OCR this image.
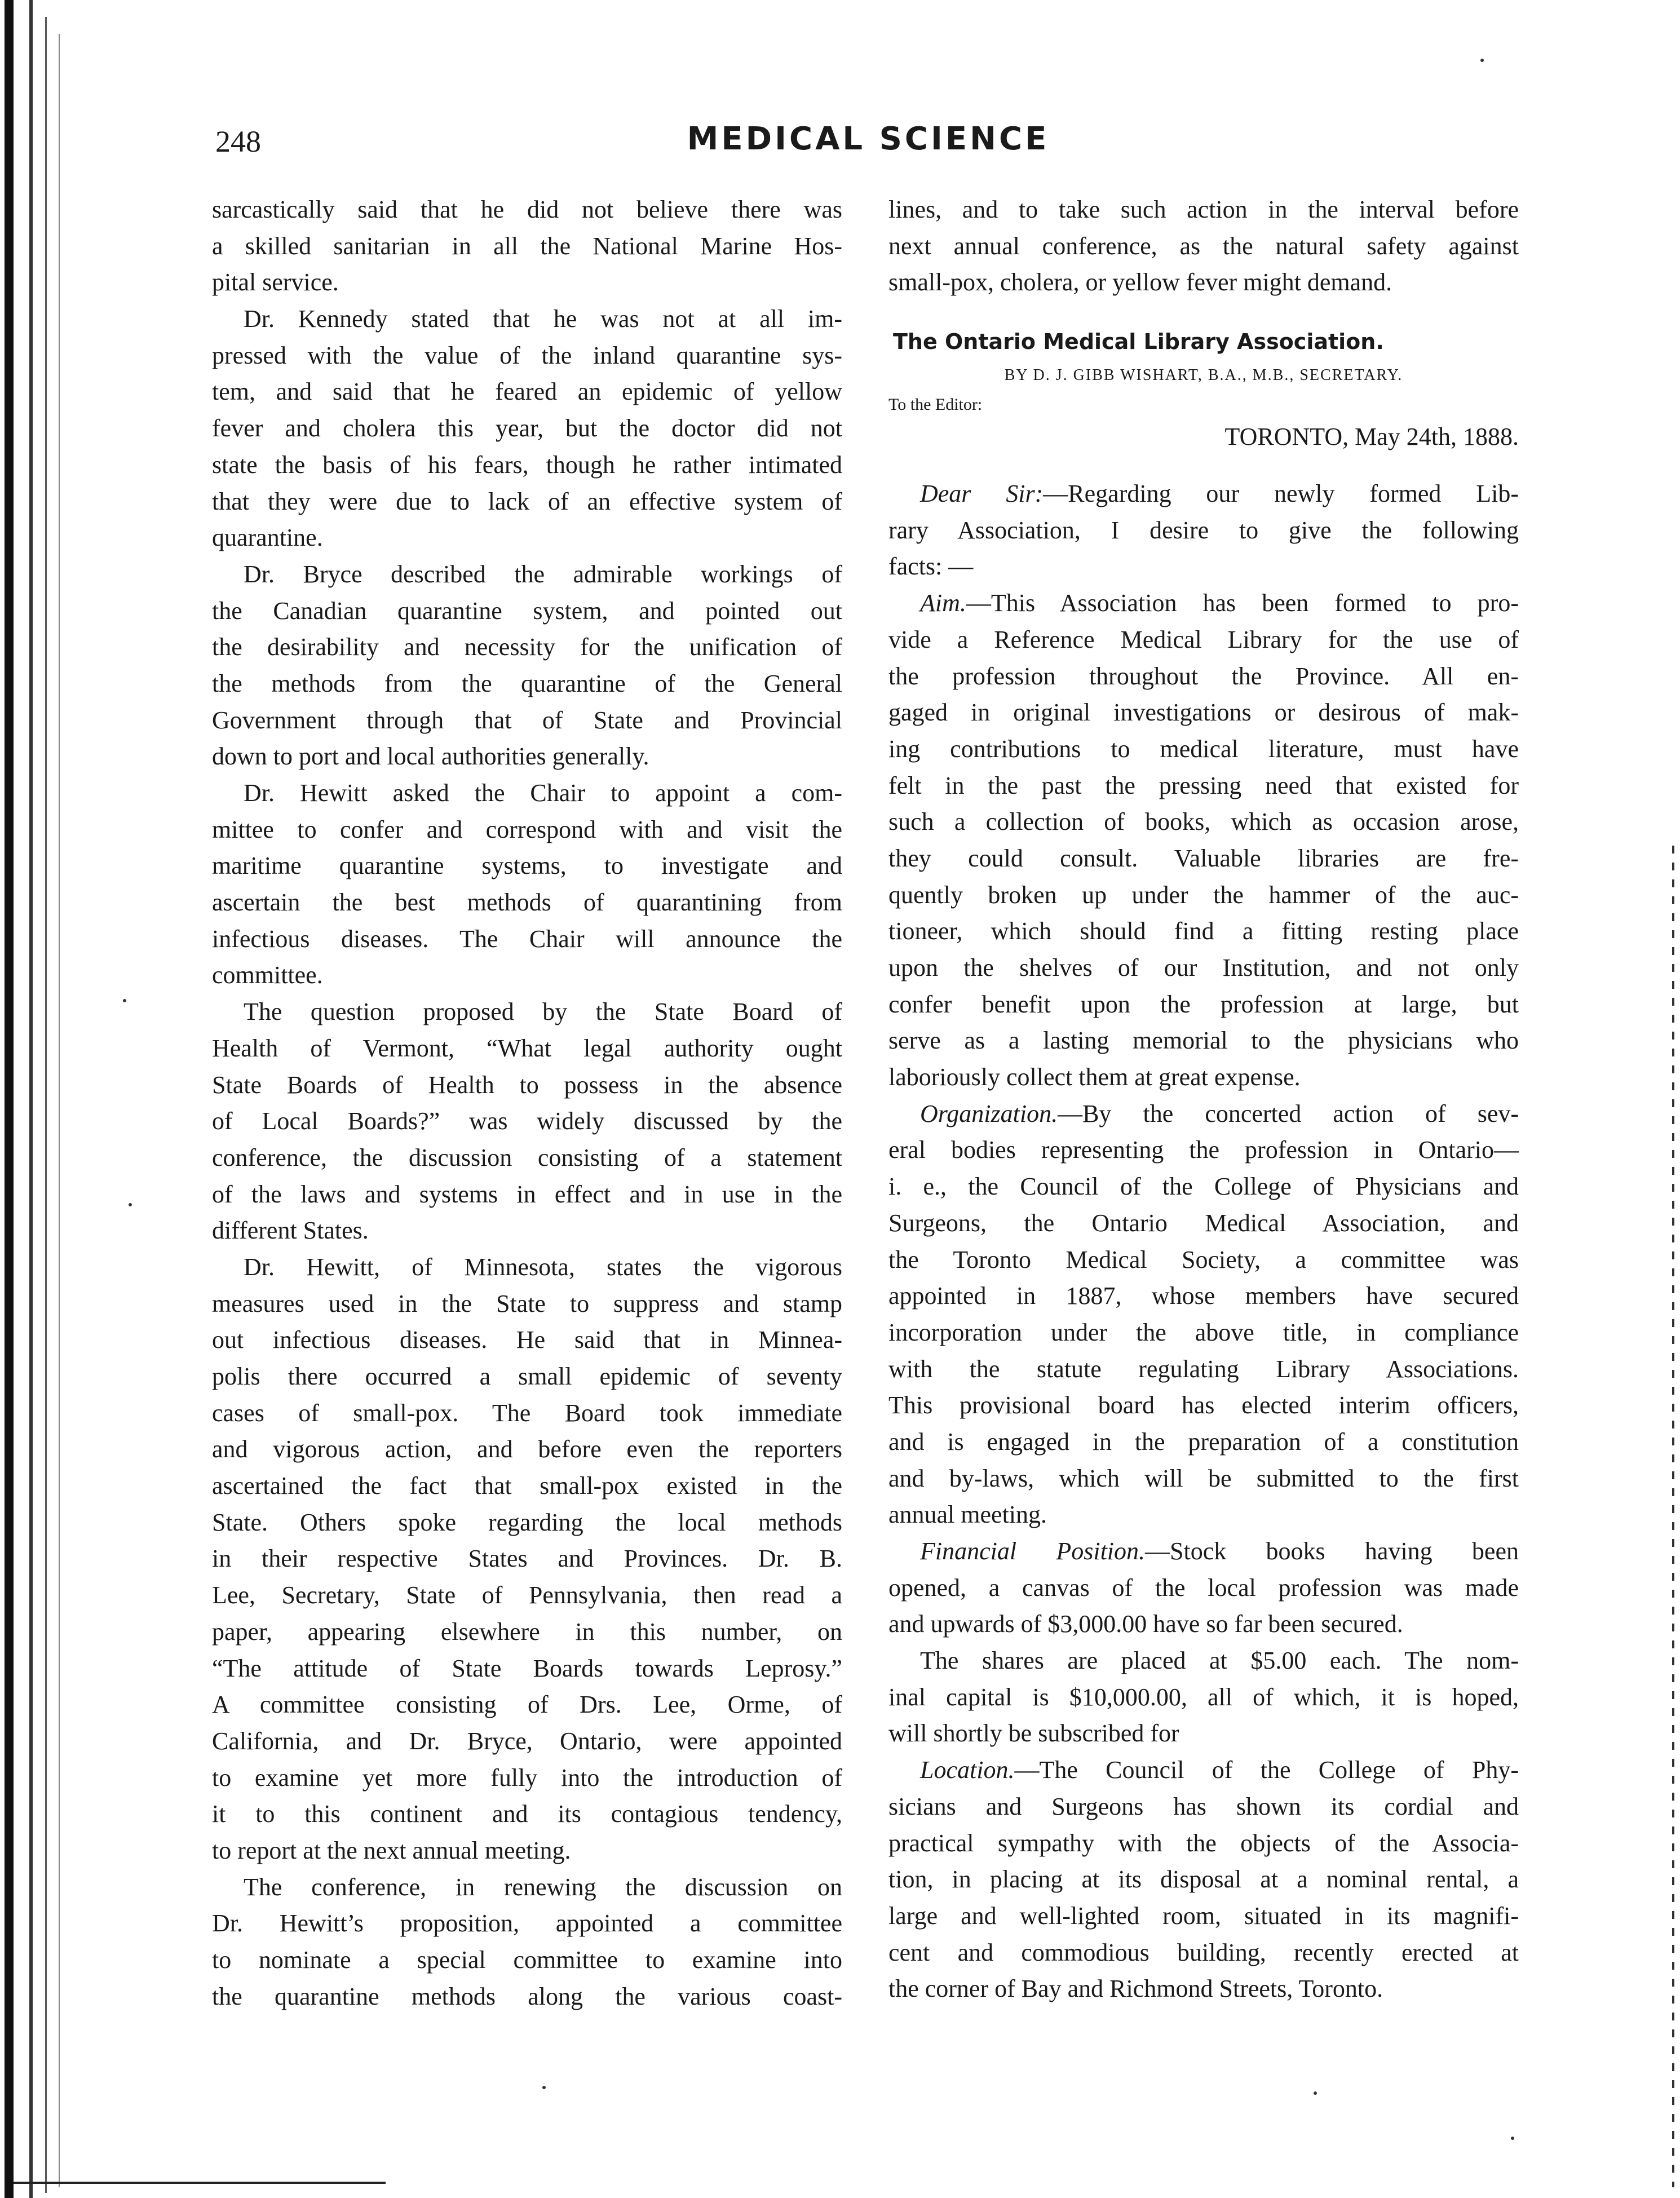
248	MEDICAL SCIENCE
sarcastically said that he did not believe there was
a skilled sanitarian in all the National Marine Hos-
pital service.
Dr. Kennedy stated that he was not at all im-
pressed with the value of the inland quarantine sys-
tem, and said that he feared an epidemic of yellow
fever and cholera this year, but the doctor did not
state the basis of his fears, though he rather intimated
that they were due to lack of an effective system of
quarantine.
Dr. Bryce described the admirable workings of
the Canadian quarantine system, and pointed out
the desirability and necessity for the unification of
the methods from the quarantine of the General
Government through that of State and Provincial
down to port and local authorities generally.
Dr. Hewitt asked the Chair to appoint a com-
mittee to confer and correspond with and visit the
maritime quarantine systems, to investigate and
ascertain the best methods of quarantining from
infectious diseases. The Chair will announce the
committee.
The question proposed by the State Board of
Health of Vermont, “What legal authority ought
State Boards of Health to possess in the absence
of Local Boards?” was widely discussed by the
conference, the discussion consisting of a statement
of the laws and systems in effect and in use in the
different States.
Dr. Hewitt, of Minnesota, states the vigorous
measures used in the State to suppress and stamp
out infectious diseases. He said that in Minnea-
polis there occurred a small epidemic of seventy
cases of small-pox. The Board took immediate
and vigorous action, and before even the reporters
ascertained the fact that small-pox existed in the
State. Others spoke regarding the local methods
in their respective States and Provinces. Dr. B.
Lee, Secretary, State of Pennsylvania, then read a
paper, appearing elsewhere in this number, on
“The attitude of State Boards towards Leprosy.”
A committee consisting of Drs. Lee, Orme, of
California, and Dr. Bryce, Ontario, were appointed
to examine yet more fully into the introduction of
it to this continent and its contagious tendency,
to report at the next annual meeting.
The conference, in renewing the discussion on
Dr. Hewitt’s proposition, appointed a committee
to nominate a special committee to examine into
the quarantine methods along the various coast-
lines, and to take such action in the interval before
next annual conference, as the natural safety against
small-pox, cholera, or yellow fever might demand.
The Ontario Medical Library Association.
BY D. J. GIBB WISHART, B.A., M.B., SECRETARY.
To the Editor:
TORONTO, May 24th, 1888.
Dear Sir:—Regarding our newly formed Lib-
rary Association, I desire to give the following
facts: —
Aim.—This Association has been formed to pro-
vide a Reference Medical Library for the use of
the profession throughout the Province. All en-
gaged in original investigations or desirous of mak-
ing contributions to medical literature, must have
felt in the past the pressing need that existed for
such a collection of books, which as occasion arose,
they could consult. Valuable libraries are fre-
quently broken up under the hammer of the auc-
tioneer, which should find a fitting resting place
upon the shelves of our Institution, and not only
confer benefit upon the profession at large, but
serve as a lasting memorial to the physicians who
laboriously collect them at great expense.
Organization.—By the concerted action of sev-
eral bodies representing the profession in Ontario—
i. e., the Council of the College of Physicians and
Surgeons, the Ontario Medical Association, and
the Toronto Medical Society, a committee was
appointed in 1887, whose members have secured
incorporation under the above title, in compliance
with the statute regulating Library Associations.
This provisional board has elected interim officers,
and is engaged in the preparation of a constitution
and by-laws, which will be submitted to the first
annual meeting.
Financial Position.—Stock books having been
opened, a canvas of the local profession was made
and upwards of $3,000.00 have so far been secured.
The shares are placed at $5.00 each. The nom-
inal capital is $10,000.00, all of which, it is hoped,
will shortly be subscribed for
Location.—The Council of the College of Phy-
sicians and Surgeons has shown its cordial and
practical sympathy with the objects of the Associa-
tion, in placing at its disposal at a nominal rental, a
large and well-lighted room, situated in its magnifi-
cent and commodious building, recently erected at
the corner of Bay and Richmond Streets, Toronto.
